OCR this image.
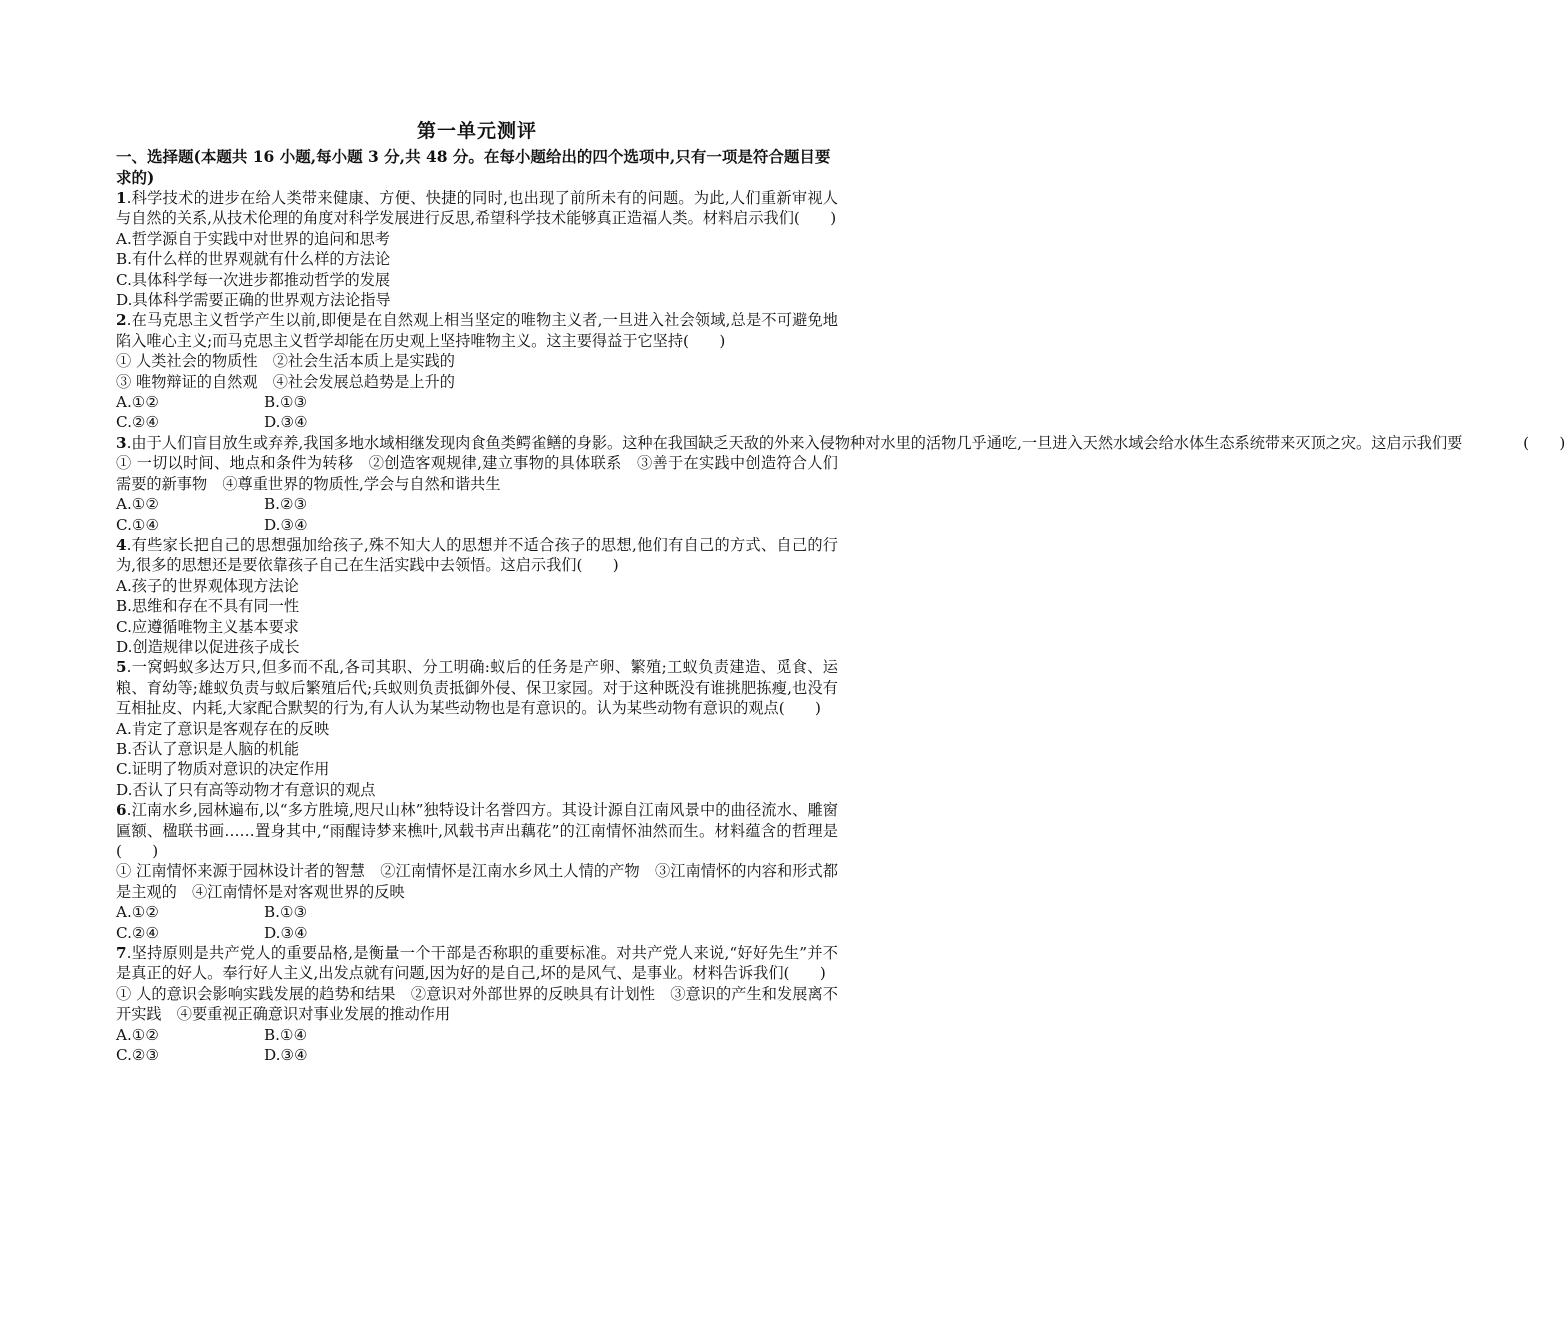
第一单元测评
一、选择题(本题共 16 小题,每小题 3 分,共 48 分。在每小题给出的四个选项中,只有一项是符合题目要求的)

1.科学技术的进步在给人类带来健康、方便、快捷的同时,也出现了前所未有的问题。为此,人们重新审视人与自然的关系,从技术伦理的角度对科学发展进行反思,希望科学技术能够真正造福人类。材料启示我们(　　)

A.哲学源自于实践中对世界的追问和思考

B.有什么样的世界观就有什么样的方法论

C.具体科学每一次进步都推动哲学的发展

D.具体科学需要正确的世界观方法论指导

2.在马克思主义哲学产生以前,即便是在自然观上相当坚定的唯物主义者,一旦进入社会领域,总是不可避免地陷入唯心主义;而马克思主义哲学却能在历史观上坚持唯物主义。这主要得益于它坚持(　　)

① 人类社会的物质性　②社会生活本质上是实践的

③ 唯物辩证的自然观　④社会发展总趋势是上升的

A.①②	B.①③
C.②④	D.③④

3.由于人们盲目放生或弃养,我国多地水域相继发现肉食鱼类鳄雀鳝的身影。这种在我国缺乏天敌的外来入侵物种对水里的活物几乎通吃,一旦进入天然水域会给水体生态系统带来灭顶之灾。这启示我们要　　　　(　　)

① 一切以时间、地点和条件为转移　②创造客观规律,建立事物的具体联系　③善于在实践中创造符合人们需要的新事物　④尊重世界的物质性,学会与自然和谐共生

A.①②	B.②③
C.①④	D.③④

4.有些家长把自己的思想强加给孩子,殊不知大人的思想并不适合孩子的思想,他们有自己的方式、自己的行为,很多的思想还是要依靠孩子自己在生活实践中去领悟。这启示我们(　　)

A.孩子的世界观体现方法论

B.思维和存在不具有同一性

C.应遵循唯物主义基本要求

D.创造规律以促进孩子成长

5.一窝蚂蚁多达万只,但多而不乱,各司其职、分工明确:蚁后的任务是产卵、繁殖;工蚁负责建造、觅食、运粮、育幼等;雄蚁负责与蚁后繁殖后代;兵蚁则负责抵御外侵、保卫家园。对于这种既没有谁挑肥拣瘦,也没有互相扯皮、内耗,大家配合默契的行为,有人认为某些动物也是有意识的。认为某些动物有意识的观点(　　)

A.肯定了意识是客观存在的反映

B.否认了意识是人脑的机能

C.证明了物质对意识的决定作用

D.否认了只有高等动物才有意识的观点

6.江南水乡,园林遍布,以“多方胜境,咫尺山林”独特设计名誉四方。其设计源自江南风景中的曲径流水、雕窗匾额、楹联书画……置身其中,“雨醒诗梦来樵叶,风载书声出藕花”的江南情怀油然而生。材料蕴含的哲理是(　　)

① 江南情怀来源于园林设计者的智慧　②江南情怀是江南水乡风土人情的产物　③江南情怀的内容和形式都是主观的　④江南情怀是对客观世界的反映

A.①②	B.①③
C.②④	D.③④

7.坚持原则是共产党人的重要品格,是衡量一个干部是否称职的重要标准。对共产党人来说,“好好先生”并不是真正的好人。奉行好人主义,出发点就有问题,因为好的是自己,坏的是风气、是事业。材料告诉我们(　　)

① 人的意识会影响实践发展的趋势和结果　②意识对外部世界的反映具有计划性　③意识的产生和发展离不开实践　④要重视正确意识对事业发展的推动作用

A.①②	B.①④
C.②③	D.③④
